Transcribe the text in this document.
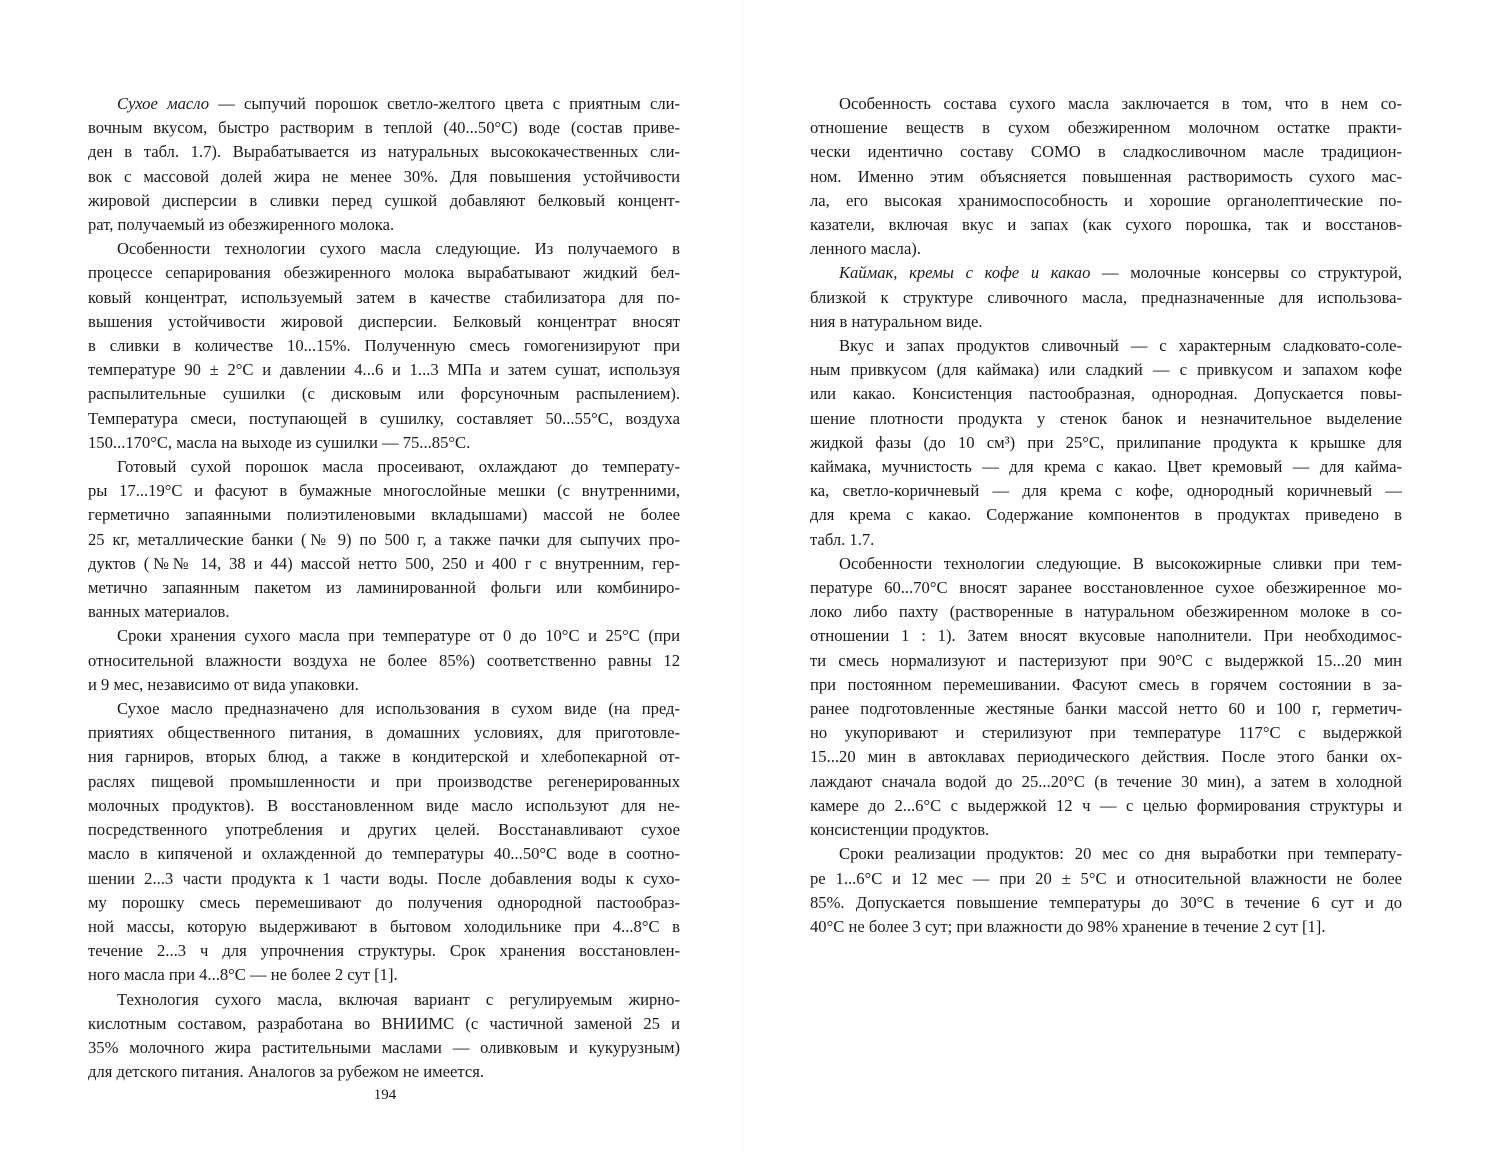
Сухое масло — сыпучий порошок светло-желтого цвета с приятным сли-
вочным вкусом, быстро растворим в теплой (40...50°С) воде (состав приве-
ден в табл. 1.7). Вырабатывается из натуральных высококачественных сли-
вок с массовой долей жира не менее 30%. Для повышения устойчивости
жировой дисперсии в сливки перед сушкой добавляют белковый концент-
рат, получаемый из обезжиренного молока.
Особенности технологии сухого масла следующие. Из получаемого в
процессе сепарирования обезжиренного молока вырабатывают жидкий бел-
ковый концентрат, используемый затем в качестве стабилизатора для по-
вышения устойчивости жировой дисперсии. Белковый концентрат вносят
в сливки в количестве 10...15%. Полученную смесь гомогенизируют при
температуре 90 ± 2°С и давлении 4...6 и 1...3 МПа и затем сушат, используя
распылительные сушилки (с дисковым или форсуночным распылением).
Температура смеси, поступающей в сушилку, составляет 50...55°С, воздуха
150...170°С, масла на выходе из сушилки — 75...85°С.
Готовый сухой порошок масла просеивают, охлаждают до температу-
ры 17...19°С и фасуют в бумажные многослойные мешки (с внутренними,
герметично запаянными полиэтиленовыми вкладышами) массой не более
25 кг, металлические банки (№ 9) по 500 г, а также пачки для сыпучих про-
дуктов (№№ 14, 38 и 44) массой нетто 500, 250 и 400 г с внутренним, гер-
метично запаянным пакетом из ламинированной фольги или комбиниро-
ванных материалов.
Сроки хранения сухого масла при температуре от 0 до 10°С и 25°С (при
относительной влажности воздуха не более 85%) соответственно равны 12
и 9 мес, независимо от вида упаковки.
Сухое масло предназначено для использования в сухом виде (на пред-
приятиях общественного питания, в домашних условиях, для приготовле-
ния гарниров, вторых блюд, а также в кондитерской и хлебопекарной от-
раслях пищевой промышленности и при производстве регенерированных
молочных продуктов). В восстановленном виде масло используют для не-
посредственного употребления и других целей. Восстанавливают сухое
масло в кипяченой и охлажденной до температуры 40...50°С воде в соотно-
шении 2...3 части продукта к 1 части воды. После добавления воды к сухо-
му порошку смесь перемешивают до получения однородной пастообраз-
ной массы, которую выдерживают в бытовом холодильнике при 4...8°С в
течение 2...3 ч для упрочнения структуры. Срок хранения восстановлен-
ного масла при 4...8°С — не более 2 сут [1].
Технология сухого масла, включая вариант с регулируемым жирно-
кислотным составом, разработана во ВНИИМС (с частичной заменой 25 и
35% молочного жира растительными маслами — оливковым и кукурузным)
для детского питания. Аналогов за рубежом не имеется.
Особенность состава сухого масла заключается в том, что в нем со-
отношение веществ в сухом обезжиренном молочном остатке практи-
чески идентично составу СОМО в сладкосливочном масле традицион-
ном. Именно этим объясняется повышенная растворимость сухого мас-
ла, его высокая хранимоспособность и хорошие органолептические по-
казатели, включая вкус и запах (как сухого порошка, так и восстанов-
ленного масла).
Каймак, кремы с кофе и какао — молочные консервы со структурой,
близкой к структуре сливочного масла, предназначенные для использова-
ния в натуральном виде.
Вкус и запах продуктов сливочный — с характерным сладковато-соле-
ным привкусом (для каймака) или сладкий — с привкусом и запахом кофе
или какао. Консистенция пастообразная, однородная. Допускается повы-
шение плотности продукта у стенок банок и незначительное выделение
жидкой фазы (до 10 см³) при 25°С, прилипание продукта к крышке для
каймака, мучнистость — для крема с какао. Цвет кремовый — для кайма-
ка, светло-коричневый — для крема с кофе, однородный коричневый —
для крема с какао. Содержание компонентов в продуктах приведено в
табл. 1.7.
Особенности технологии следующие. В высокожирные сливки при тем-
пературе 60...70°С вносят заранее восстановленное сухое обезжиренное мо-
локо либо пахту (растворенные в натуральном обезжиренном молоке в со-
отношении 1 : 1). Затем вносят вкусовые наполнители. При необходимос-
ти смесь нормализуют и пастеризуют при 90°С с выдержкой 15...20 мин
при постоянном перемешивании. Фасуют смесь в горячем состоянии в за-
ранее подготовленные жестяные банки массой нетто 60 и 100 г, герметич-
но укупоривают и стерилизуют при температуре 117°С с выдержкой
15...20 мин в автоклавах периодического действия. После этого банки ох-
лаждают сначала водой до 25...20°С (в течение 30 мин), а затем в холодной
камере до 2...6°С с выдержкой 12 ч — с целью формирования структуры и
консистенции продуктов.
Сроки реализации продуктов: 20 мес со дня выработки при температу-
ре 1...6°С и 12 мес — при 20 ± 5°С и относительной влажности не более
85%. Допускается повышение температуры до 30°С в течение 6 сут и до
40°С не более 3 сут; при влажности до 98% хранение в течение 2 сут [1].
194
